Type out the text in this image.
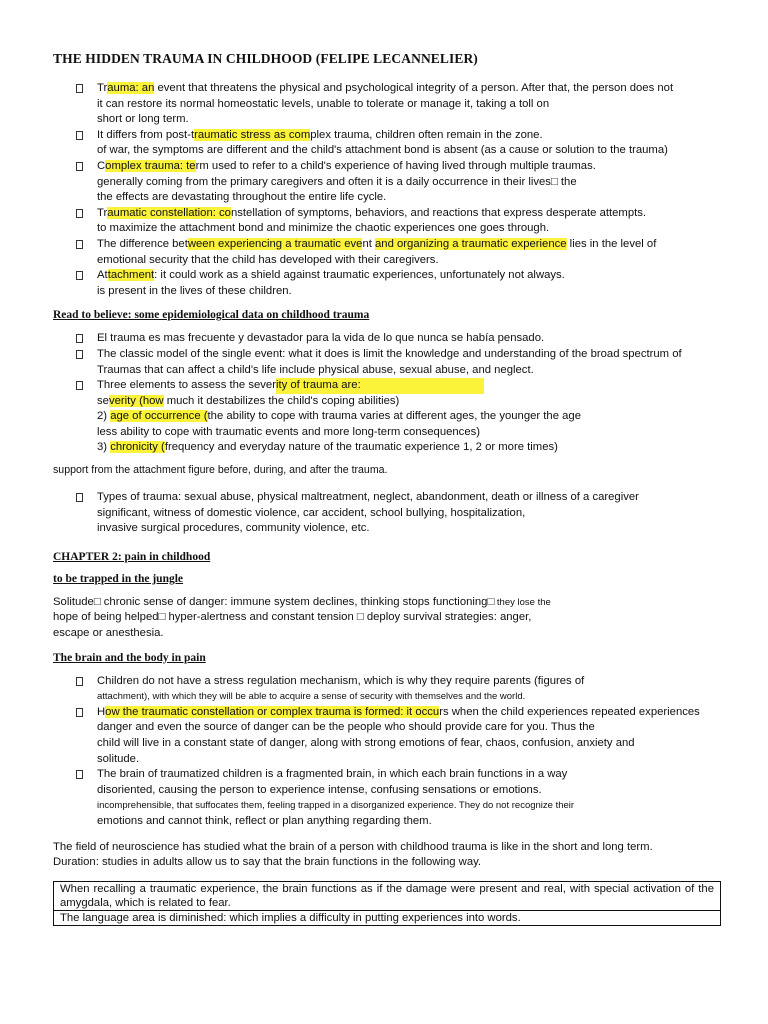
THE HIDDEN TRAUMA IN CHILDHOOD (FELIPE LECANNELIER)
Trauma: an event that threatens the physical and psychological integrity of a person. After that, the person does not
it can restore its normal homeostatic levels, unable to tolerate or manage it, taking a toll on
short or long term.
It differs from post-traumatic stress as complex trauma, children often remain in the zone.
of war, the symptoms are different and the child's attachment bond is absent (as a cause or solution to the trauma)
Complex trauma: term used to refer to a child's experience of having lived through multiple traumas.
generally coming from the primary caregivers and often it is a daily occurrence in their lives□ the
the effects are devastating throughout the entire life cycle.
Traumatic constellation: constellation of symptoms, behaviors, and reactions that express desperate attempts.
to maximize the attachment bond and minimize the chaotic experiences one goes through.
The difference between experiencing a traumatic event and organizing a traumatic experience lies in the level of
emotional security that the child has developed with their caregivers.
Attachment: it could work as a shield against traumatic experiences, unfortunately not always.
is present in the lives of these children.
Read to believe: some epidemiological data on childhood trauma
El trauma es mas frecuente y devastador para la vida de lo que nunca se había pensado.
The classic model of the single event: what it does is limit the knowledge and understanding of the broad spectrum of
Traumas that can affect a child's life include physical abuse, sexual abuse, and neglect.
Three elements to assess the severity of trauma are:
severity (how much it destabilizes the child's coping abilities)
2) age of occurrence (the ability to cope with trauma varies at different ages, the younger the age
less ability to cope with traumatic events and more long-term consequences)
3) chronicity (frequency and everyday nature of the traumatic experience 1, 2 or more times)
support from the attachment figure before, during, and after the trauma.
Types of trauma: sexual abuse, physical maltreatment, neglect, abandonment, death or illness of a caregiver
significant, witness of domestic violence, car accident, school bullying, hospitalization,
invasive surgical procedures, community violence, etc.
CHAPTER 2: pain in childhood
to be trapped in the jungle
Solitude□ chronic sense of danger: immune system declines, thinking stops functioning□ they lose the
hope of being helped□ hyper-alertness and constant tension □ deploy survival strategies: anger,
escape or anesthesia.
The brain and the body in pain
Children do not have a stress regulation mechanism, which is why they require parents (figures of
attachment), with which they will be able to acquire a sense of security with themselves and the world.
How the traumatic constellation or complex trauma is formed: it occurs when the child experiences repeated experiences
danger and even the source of danger can be the people who should provide care for you. Thus the
child will live in a constant state of danger, along with strong emotions of fear, chaos, confusion, anxiety and
solitude.
The brain of traumatized children is a fragmented brain, in which each brain functions in a way
disoriented, causing the person to experience intense, confusing sensations or emotions.
incomprehensible, that suffocates them, feeling trapped in a disorganized experience. They do not recognize their
emotions and cannot think, reflect or plan anything regarding them.
The field of neuroscience has studied what the brain of a person with childhood trauma is like in the short and long term.
Duration: studies in adults allow us to say that the brain functions in the following way.
When recalling a traumatic experience, the brain functions as if the damage were present and real, with special activation of the amygdala, which is related to fear.
The language area is diminished: which implies a difficulty in putting experiences into words.
